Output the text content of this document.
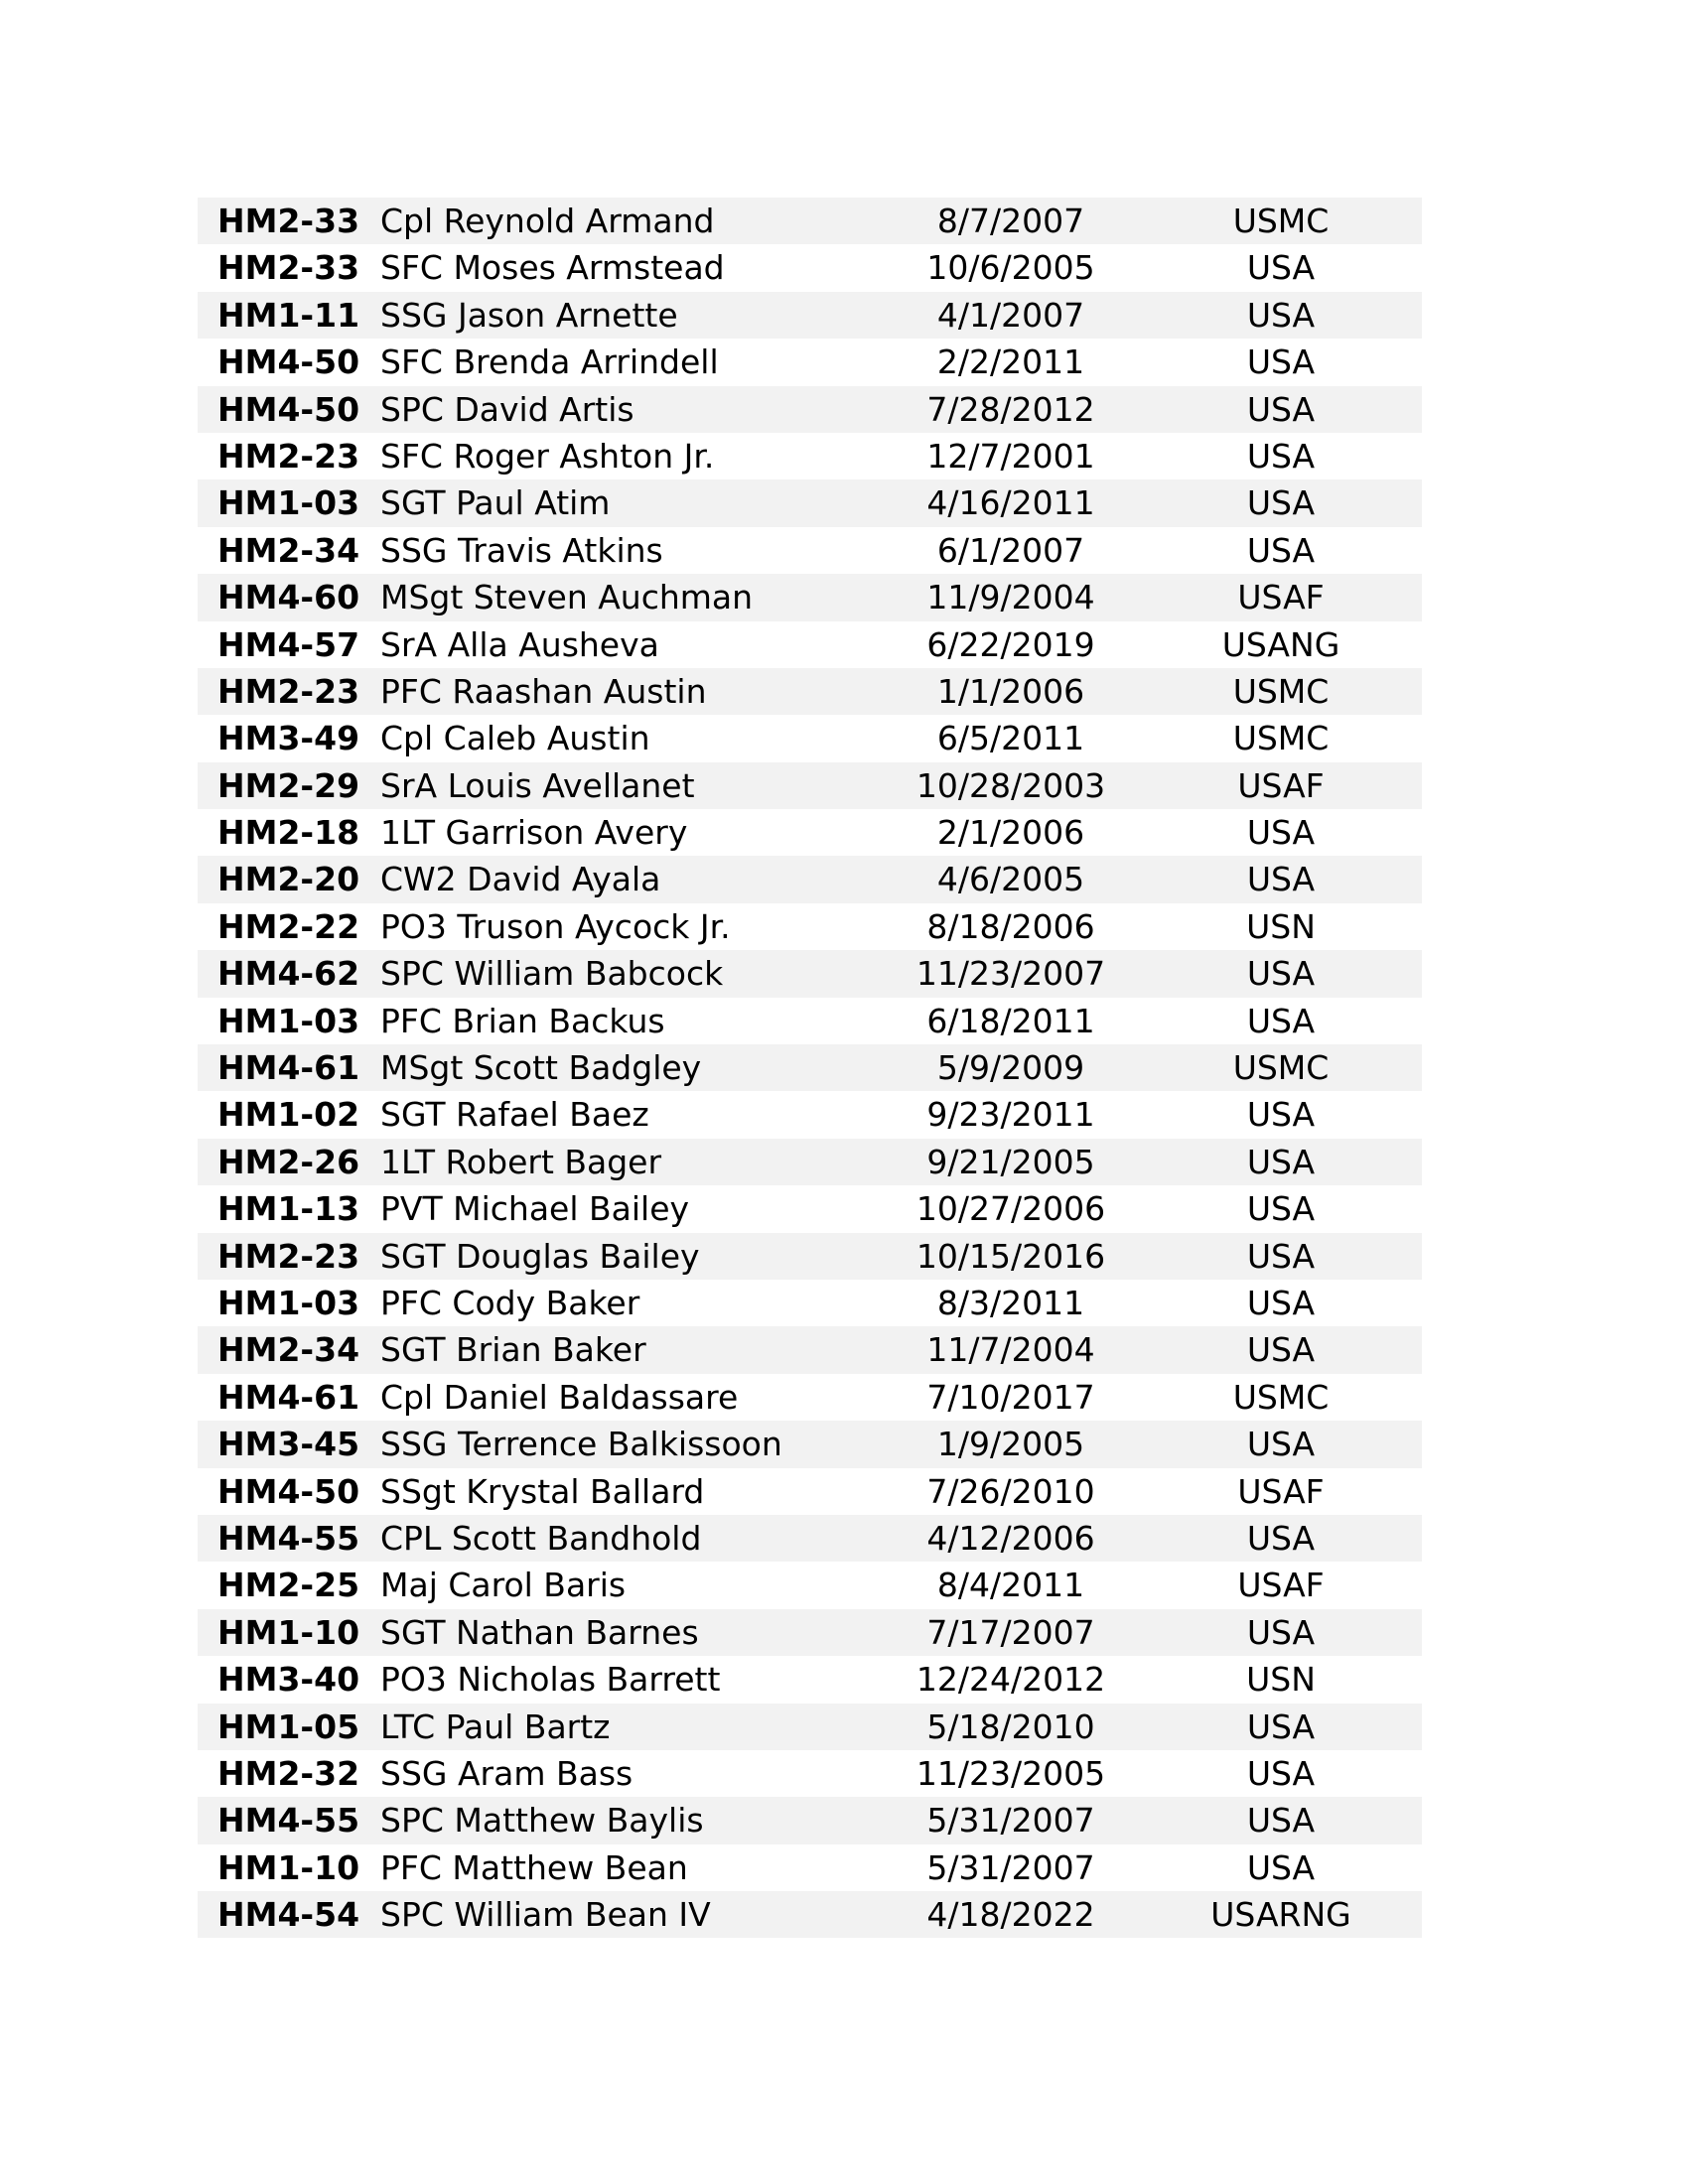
HM2-33 Cpl Reynold Armand	8/7/2007	USMC
HM2-33 SFC Moses Armstead	10/6/2005	USA
HM1-11 SSG Jason Arnette	4/1/2007	USA
HM4-50 SFC Brenda Arrindell	2/2/2011	USA
HM4-50 SPC David Artis	7/28/2012	USA
HM2-23 SFC Roger Ashton Jr.	12/7/2001	USA
HM1-03 SGT Paul Atim	4/16/2011	USA
HM2-34 SSG Travis Atkins	6/1/2007	USA
HM4-60 MSgt Steven Auchman	11/9/2004	USAF
HM4-57 SrA Alla Ausheva	6/22/2019	USANG
HM2-23 PFC Raashan Austin	1/1/2006	USMC
HM3-49 Cpl Caleb Austin	6/5/2011	USMC
HM2-29 SrA Louis Avellanet	10/28/2003	USAF
HM2-18 1LT Garrison Avery	2/1/2006	USA
HM2-20 CW2 David Ayala	4/6/2005	USA
HM2-22 PO3 Truson Aycock Jr.	8/18/2006	USN
HM4-62 SPC William Babcock	11/23/2007	USA
HM1-03 PFC Brian Backus	6/18/2011	USA
HM4-61 MSgt Scott Badgley	5/9/2009	USMC
HM1-02 SGT Rafael Baez	9/23/2011	USA
HM2-26 1LT Robert Bager	9/21/2005	USA
HM1-13 PVT Michael Bailey	10/27/2006	USA
HM2-23 SGT Douglas Bailey	10/15/2016	USA
HM1-03 PFC Cody Baker	8/3/2011	USA
HM2-34 SGT Brian Baker	11/7/2004	USA
HM4-61 Cpl Daniel Baldassare	7/10/2017	USMC
HM3-45 SSG Terrence Balkissoon	1/9/2005	USA
HM4-50 SSgt Krystal Ballard	7/26/2010	USAF
HM4-55 CPL Scott Bandhold	4/12/2006	USA
HM2-25 Maj Carol Baris	8/4/2011	USAF
HM1-10 SGT Nathan Barnes	7/17/2007	USA
HM3-40 PO3 Nicholas Barrett	12/24/2012	USN
HM1-05 LTC Paul Bartz	5/18/2010	USA
HM2-32 SSG Aram Bass	11/23/2005	USA
HM4-55 SPC Matthew Baylis	5/31/2007	USA
HM1-10 PFC Matthew Bean	5/31/2007	USA
HM4-54 SPC William Bean IV	4/18/2022	USARNG
